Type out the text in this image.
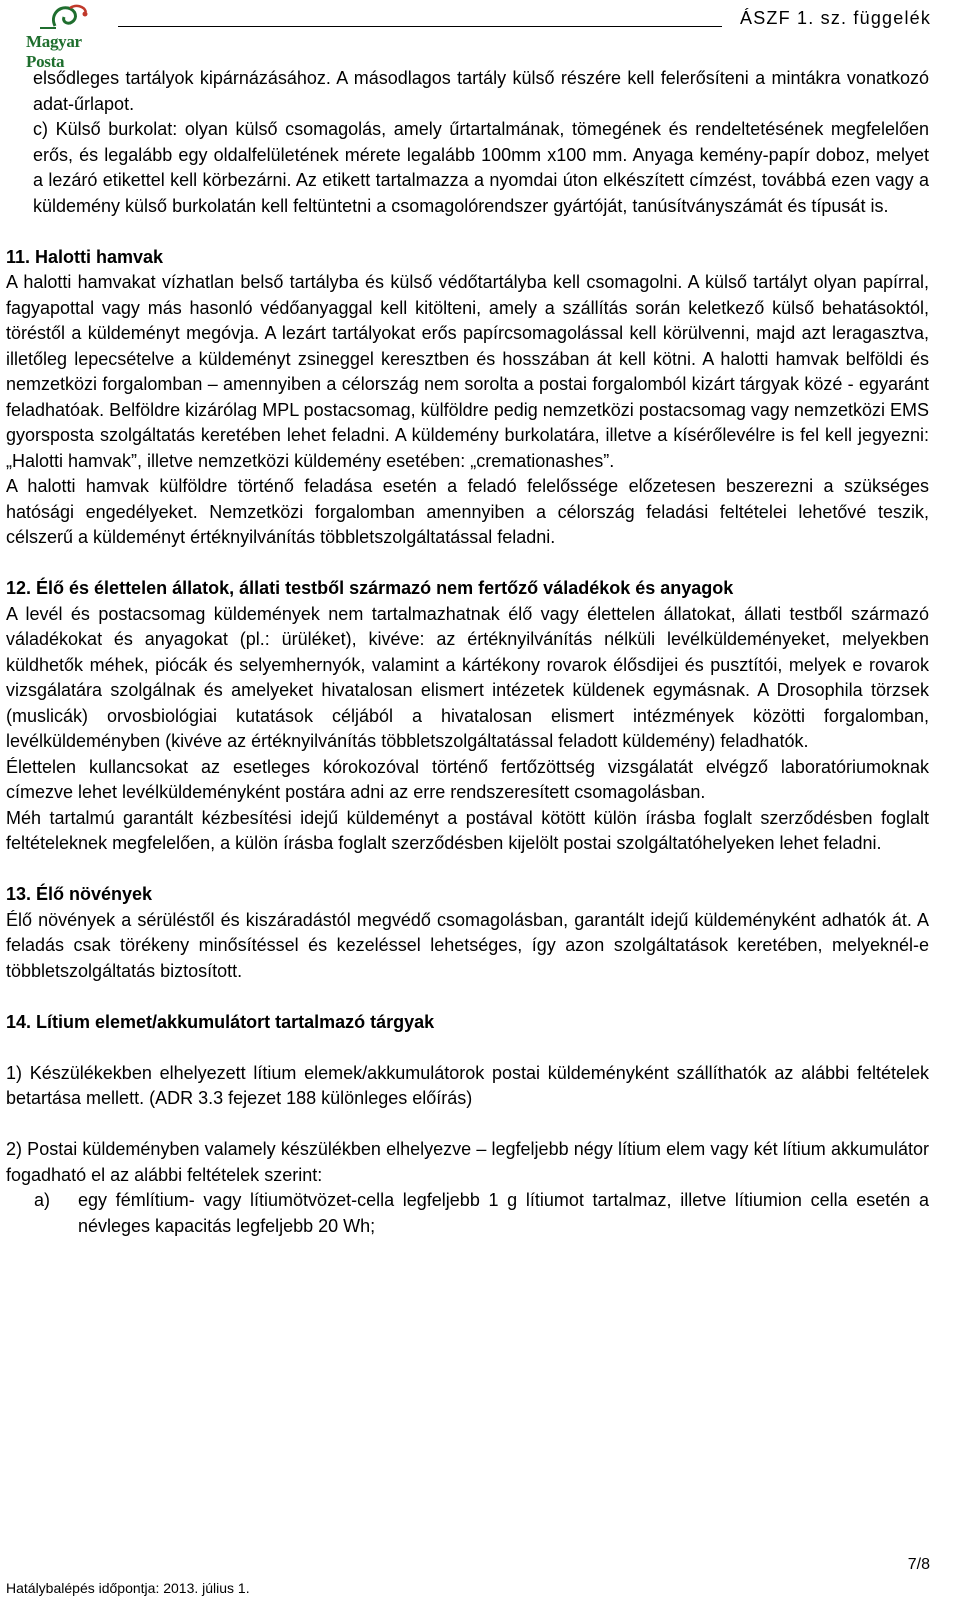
Magyar Posta
ÁSZF 1. sz. függelék

elsődleges tartályok kipárnázásához. A másodlagos tartály külső részére kell felerősíteni a mintákra vonatkozó adat-űrlapot.

c) Külső burkolat: olyan külső csomagolás, amely űrtartalmának, tömegének és rendeltetésének megfelelően erős, és legalább egy oldalfelületének mérete legalább 100mm x100 mm. Anyaga kemény-papír doboz, melyet a lezáró etikettel kell körbezárni. Az etikett tartalmazza a nyomdai úton elkészített címzést, továbbá ezen vagy a küldemény külső burkolatán kell feltüntetni a csomagolórendszer gyártóját, tanúsítványszámát és típusát is.

11. Halotti hamvak

A halotti hamvakat vízhatlan belső tartályba és külső védőtartályba kell csomagolni. A külső tartályt olyan papírral, fagyapottal vagy más hasonló védőanyaggal kell kitölteni, amely a szállítás során keletkező külső behatásoktól, töréstől a küldeményt megóvja. A lezárt tartályokat erős papírcsomagolással kell körülvenni, majd azt leragasztva, illetőleg lepecsételve a küldeményt zsineggel keresztben és hosszában át kell kötni. A halotti hamvak belföldi és nemzetközi forgalomban – amennyiben a célország nem sorolta a postai forgalomból kizárt tárgyak közé - egyaránt feladhatóak. Belföldre kizárólag MPL postacsomag, külföldre pedig nemzetközi postacsomag vagy nemzetközi EMS gyorsposta szolgáltatás keretében lehet feladni. A küldemény burkolatára, illetve a kísérőlevélre is fel kell jegyezni: „Halotti hamvak”, illetve nemzetközi küldemény esetében: „cremationashes”.

A halotti hamvak külföldre történő feladása esetén a feladó felelőssége előzetesen beszerezni a szükséges hatósági engedélyeket. Nemzetközi forgalomban amennyiben a célország feladási feltételei lehetővé teszik, célszerű a küldeményt értéknyilvánítás többletszolgáltatással feladni.

12. Élő és élettelen állatok, állati testből származó nem fertőző váladékok és anyagok

A levél és postacsomag küldemények nem tartalmazhatnak élő vagy élettelen állatokat, állati testből származó váladékokat és anyagokat (pl.: ürüléket), kivéve: az értéknyilvánítás nélküli levélküldeményeket, melyekben küldhetők méhek, piócák és selyemhernyók, valamint a kártékony rovarok élősdijei és pusztítói, melyek e rovarok vizsgálatára szolgálnak és amelyeket hivatalosan elismert intézetek küldenek egymásnak. A Drosophila törzsek (muslicák) orvosbiológiai kutatások céljából a hivatalosan elismert intézmények közötti forgalomban, levélküldeményben (kivéve az értéknyilvánítás többletszolgáltatással feladott küldemény) feladhatók.

Élettelen kullancsokat az esetleges kórokozóval történő fertőzöttség vizsgálatát elvégző laboratóriumoknak címezve lehet levélküldeményként postára adni az erre rendszeresített csomagolásban.

Méh tartalmú garantált kézbesítési idejű küldeményt a postával kötött külön írásba foglalt szerződésben foglalt feltételeknek megfelelően, a külön írásba foglalt szerződésben kijelölt postai szolgáltatóhelyeken lehet feladni.

13. Élő növények

Élő növények a sérüléstől és kiszáradástól megvédő csomagolásban, garantált idejű küldeményként adhatók át. A feladás csak törékeny minősítéssel és kezeléssel lehetséges, így azon szolgáltatások keretében, melyeknél-e többletszolgáltatás biztosított.

14. Lítium elemet/akkumulátort tartalmazó tárgyak

1) Készülékekben elhelyezett lítium elemek/akkumulátorok postai küldeményként szállíthatók az alábbi feltételek betartása mellett. (ADR 3.3 fejezet 188 különleges előírás)

2) Postai küldeményben valamely készülékben elhelyezve – legfeljebb négy lítium elem vagy két lítium akkumulátor fogadható el az alábbi feltételek szerint:

a)	egy fémlítium- vagy lítiumötvözet-cella legfeljebb 1 g lítiumot tartalmaz, illetve lítiumion cella esetén a névleges kapacitás legfeljebb 20 Wh;
7/8
Hatálybalépés időpontja: 2013. július 1.
